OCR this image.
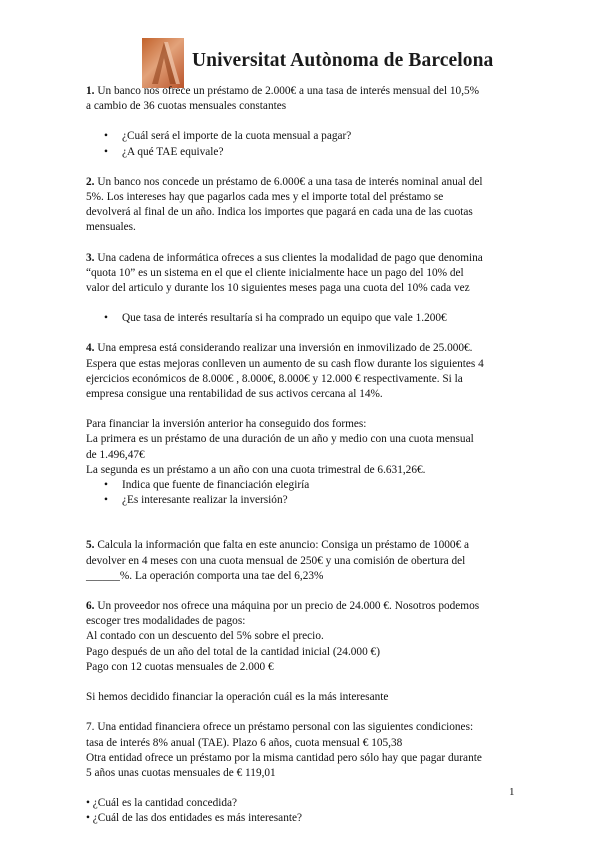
Universitat Autònoma de Barcelona

1. Un banco nos ofrece un préstamo de 2.000€ a una tasa de interés mensual del 10,5%

a cambio de 36 cuotas mensuales constantes

• ¿Cuál será el importe de la cuota mensual a pagar?
• ¿A qué TAE equivale?

2. Un banco nos concede un préstamo de 6.000€ a una tasa de interés nominal anual del

5%. Los intereses hay que pagarlos cada mes y el importe total del préstamo se

devolverá al final de un año. Indica los importes que pagará en cada una de las cuotas

mensuales.

3. Una cadena de informática ofreces a sus clientes la modalidad de pago que denomina

“quota 10” es un sistema en el que el cliente inicialmente hace un pago del 10% del

valor del articulo y durante los 10 siguientes meses paga una cuota del 10% cada vez

• Que tasa de interés resultaría si ha comprado un equipo que vale 1.200€

4. Una empresa está considerando realizar una inversión en inmovilizado de 25.000€.

Espera que estas mejoras conlleven un aumento de su cash flow durante los siguientes 4

ejercicios económicos de 8.000€ , 8.000€, 8.000€ y 12.000 € respectivamente. Si la

empresa consigue una rentabilidad de sus activos cercana al 14%.

Para financiar la inversión anterior ha conseguido dos formes:

La primera es un préstamo de una duración de un año y medio con una cuota mensual

de 1.496,47€

La segunda es un préstamo a un año con una cuota trimestral de 6.631,26€.

• Indica que fuente de financiación elegiría
• ¿Es interesante realizar la inversión?

5. Calcula la información que falta en este anuncio: Consiga un préstamo de 1000€ a

devolver en 4 meses con una cuota mensual de 250€ y una comisión de obertura del

______%. La operación comporta una tae del 6,23%

6. Un proveedor nos ofrece una máquina por un precio de 24.000 €. Nosotros podemos

escoger tres modalidades de pagos:

Al contado con un descuento del 5% sobre el precio.

Pago después de un año del total de la cantidad inicial (24.000 €)

Pago con 12 cuotas mensuales de 2.000 €

Si hemos decidido financiar la operación cuál es la más interesante

7. Una entidad financiera ofrece un préstamo personal con las siguientes condiciones:

tasa de interés 8% anual (TAE). Plazo 6 años, cuota mensual € 105,38

Otra entidad ofrece un préstamo por la misma cantidad pero sólo hay que pagar durante

5 años unas cuotas mensuales de € 119,01

• ¿Cuál es la cantidad concedida?
• ¿Cuál de las dos entidades es más interesante?
1
